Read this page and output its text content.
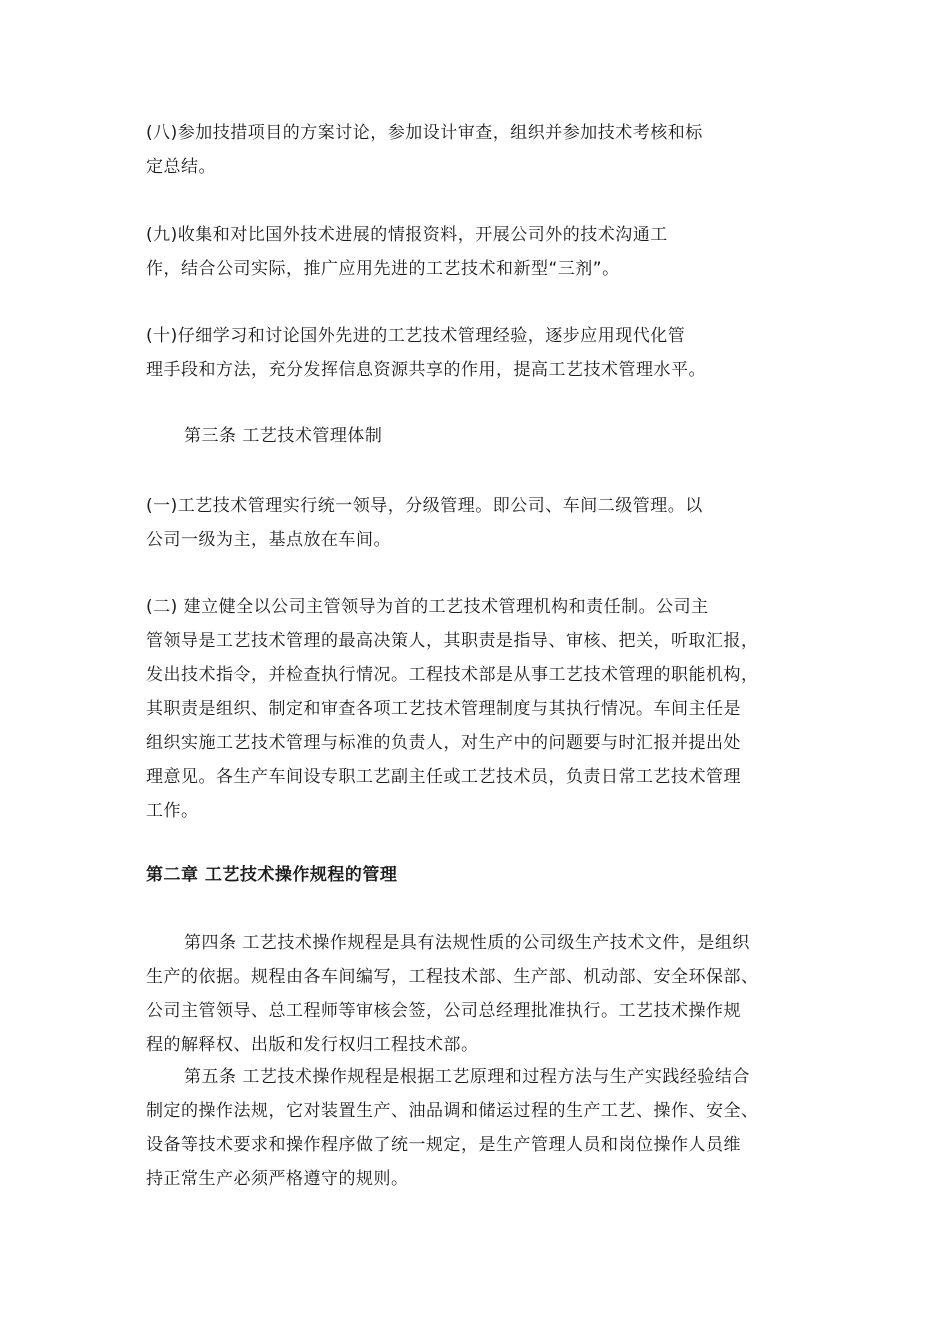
(八)参加技措项目的方案讨论，参加设计审查，组织并参加技术考核和标
定总结。
(九)收集和对比国外技术进展的情报资料，开展公司外的技术沟通工
作，结合公司实际，推广应用先进的工艺技术和新型“三剂”。
(十)仔细学习和讨论国外先进的工艺技术管理经验，逐步应用现代化管
理手段和方法，充分发挥信息资源共享的作用，提高工艺技术管理水平。
第三条 工艺技术管理体制
(一)工艺技术管理实行统一领导，分级管理。即公司、车间二级管理。以
公司一级为主，基点放在车间。
(二) 建立健全以公司主管领导为首的工艺技术管理机构和责任制。公司主
管领导是工艺技术管理的最高决策人，其职责是指导、审核、把关，听取汇报，
发出技术指令，并检查执行情况。工程技术部是从事工艺技术管理的职能机构，
其职责是组织、制定和审查各项工艺技术管理制度与其执行情况。车间主任是
组织实施工艺技术管理与标准的负责人，对生产中的问题要与时汇报并提出处
理意见。各生产车间设专职工艺副主任或工艺技术员，负责日常工艺技术管理
工作。
第二章 工艺技术操作规程的管理
第四条 工艺技术操作规程是具有法规性质的公司级生产技术文件，是组织
生产的依据。规程由各车间编写，工程技术部、生产部、机动部、安全环保部、
公司主管领导、总工程师等审核会签，公司总经理批准执行。工艺技术操作规
程的解释权、出版和发行权归工程技术部。
第五条 工艺技术操作规程是根据工艺原理和过程方法与生产实践经验结合
制定的操作法规，它对装置生产、油品调和储运过程的生产工艺、操作、安全、
设备等技术要求和操作程序做了统一规定，是生产管理人员和岗位操作人员维
持正常生产必须严格遵守的规则。
